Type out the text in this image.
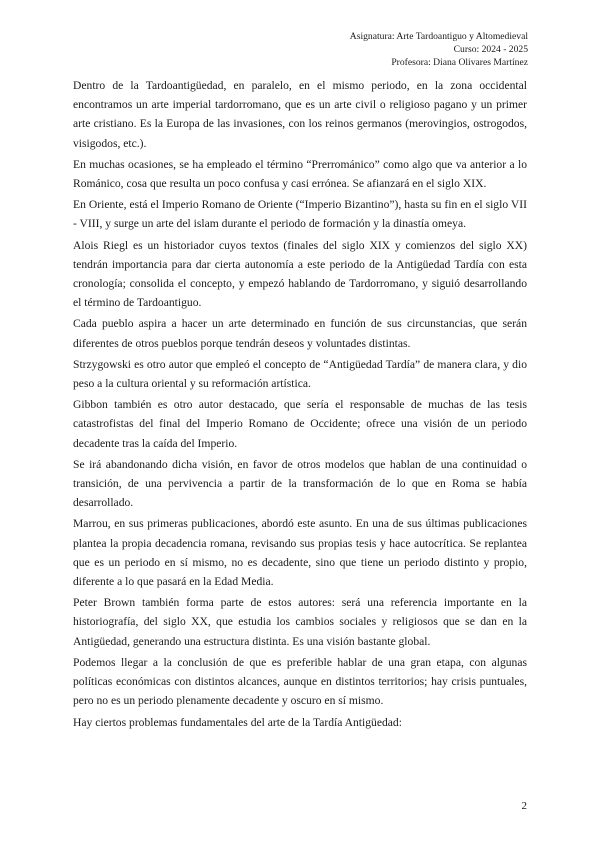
Asignatura: Arte Tardoantiguo y Altomedieval
Curso: 2024 - 2025
Profesora: Diana Olivares Martínez

Dentro de la Tardoantigüedad, en paralelo, en el mismo periodo, en la zona occidental encontramos un arte imperial tardorromano, que es un arte civil o religioso pagano y un primer arte cristiano. Es la Europa de las invasiones, con los reinos germanos (merovingios, ostrogodos, visigodos, etc.).

En muchas ocasiones, se ha empleado el término “Prerrománico” como algo que va anterior a lo Románico, cosa que resulta un poco confusa y casi errónea. Se afianzará en el siglo XIX.

En Oriente, está el Imperio Romano de Oriente (“Imperio Bizantino”), hasta su fin en el siglo VII - VIII, y surge un arte del islam durante el periodo de formación y la dinastía omeya.

Alois Riegl es un historiador cuyos textos (finales del siglo XIX y comienzos del siglo XX) tendrán importancia para dar cierta autonomía a este periodo de la Antigüedad Tardía con esta cronología; consolida el concepto, y empezó hablando de Tardorromano, y siguió desarrollando el término de Tardoantiguo.

Cada pueblo aspira a hacer un arte determinado en función de sus circunstancias, que serán diferentes de otros pueblos porque tendrán deseos y voluntades distintas.

Strzygowski es otro autor que empleó el concepto de “Antigüedad Tardía” de manera clara, y dio peso a la cultura oriental y su reformación artística.

Gibbon también es otro autor destacado, que sería el responsable de muchas de las tesis catastrofistas del final del Imperio Romano de Occidente; ofrece una visión de un periodo decadente tras la caída del Imperio.

Se irá abandonando dicha visión, en favor de otros modelos que hablan de una continuidad o transición, de una pervivencia a partir de la transformación de lo que en Roma se había desarrollado.

Marrou, en sus primeras publicaciones, abordó este asunto. En una de sus últimas publicaciones plantea la propia decadencia romana, revisando sus propias tesis y hace autocrítica. Se replantea que es un periodo en sí mismo, no es decadente, sino que tiene un periodo distinto y propio, diferente a lo que pasará en la Edad Media.

Peter Brown también forma parte de estos autores: será una referencia importante en la historiografía, del siglo XX, que estudia los cambios sociales y religiosos que se dan en la Antigüedad, generando una estructura distinta. Es una visión bastante global.

Podemos llegar a la conclusión de que es preferible hablar de una gran etapa, con algunas políticas económicas con distintos alcances, aunque en distintos territorios; hay crisis puntuales, pero no es un periodo plenamente decadente y oscuro en sí mismo.

Hay ciertos problemas fundamentales del arte de la Tardía Antigüedad:

2
